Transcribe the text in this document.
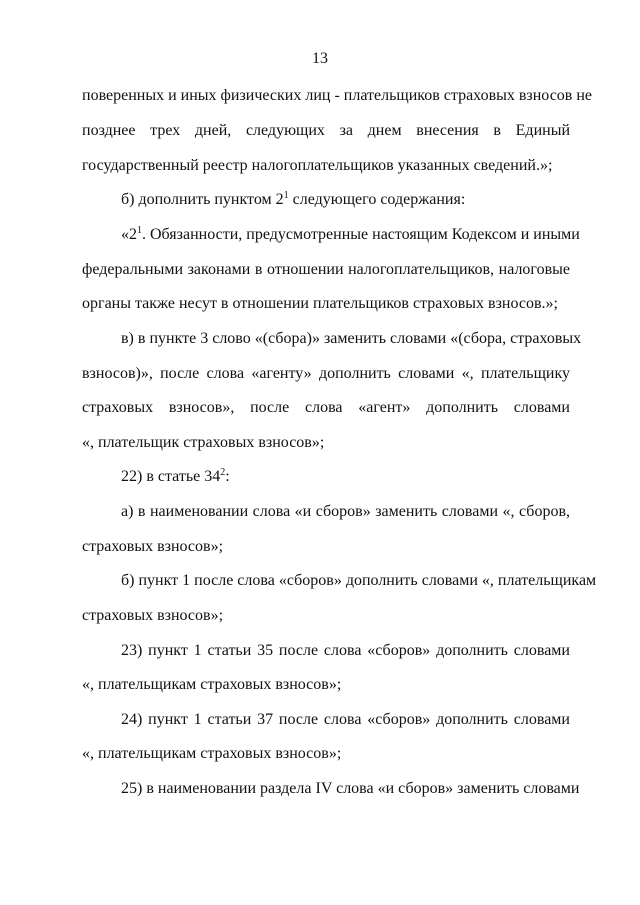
13
поверенных и иных физических лиц - плательщиков страховых взносов не
позднее трех дней, следующих за днем внесения в Единый
государственный реестр налогоплательщиков указанных сведений.»;
б) дополнить пунктом $2^1$ следующего содержания:
«$2^1$. Обязанности, предусмотренные настоящим Кодексом и иными
федеральными законами в отношении налогоплательщиков, налоговые
органы также несут в отношении плательщиков страховых взносов.»;
в) в пункте 3 слово «(сбора)» заменить словами «(сбора, страховых
взносов)», после слова «агенту» дополнить словами «, плательщику
страховых взносов», после слова «агент» дополнить словами
«, плательщик страховых взносов»;
22) в статье $34^2$:
а) в наименовании слова «и сборов» заменить словами «, сборов,
страховых взносов»;
б) пункт 1 после слова «сборов» дополнить словами «, плательщикам
страховых взносов»;
23) пункт 1 статьи 35 после слова «сборов» дополнить словами
«, плательщикам страховых взносов»;
24) пункт 1 статьи 37 после слова «сборов» дополнить словами
«, плательщикам страховых взносов»;
25) в наименовании раздела IV слова «и сборов» заменить словами
